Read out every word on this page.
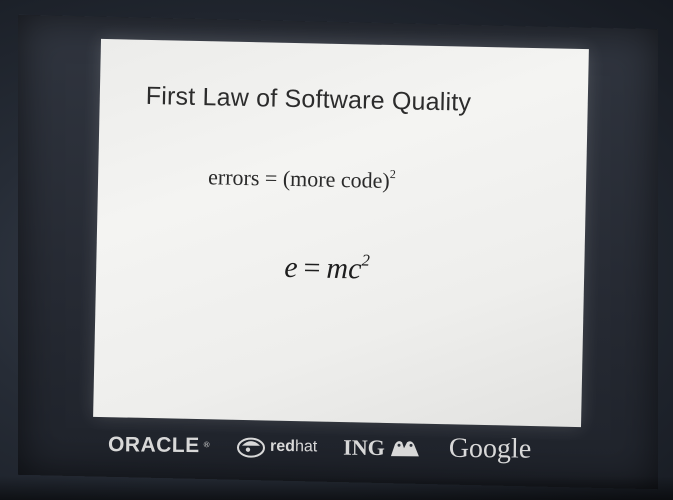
First Law of Software Quality
errors = (more code)$^2$
$e = mc^2$
ORACLE ®	redhat ING Google
